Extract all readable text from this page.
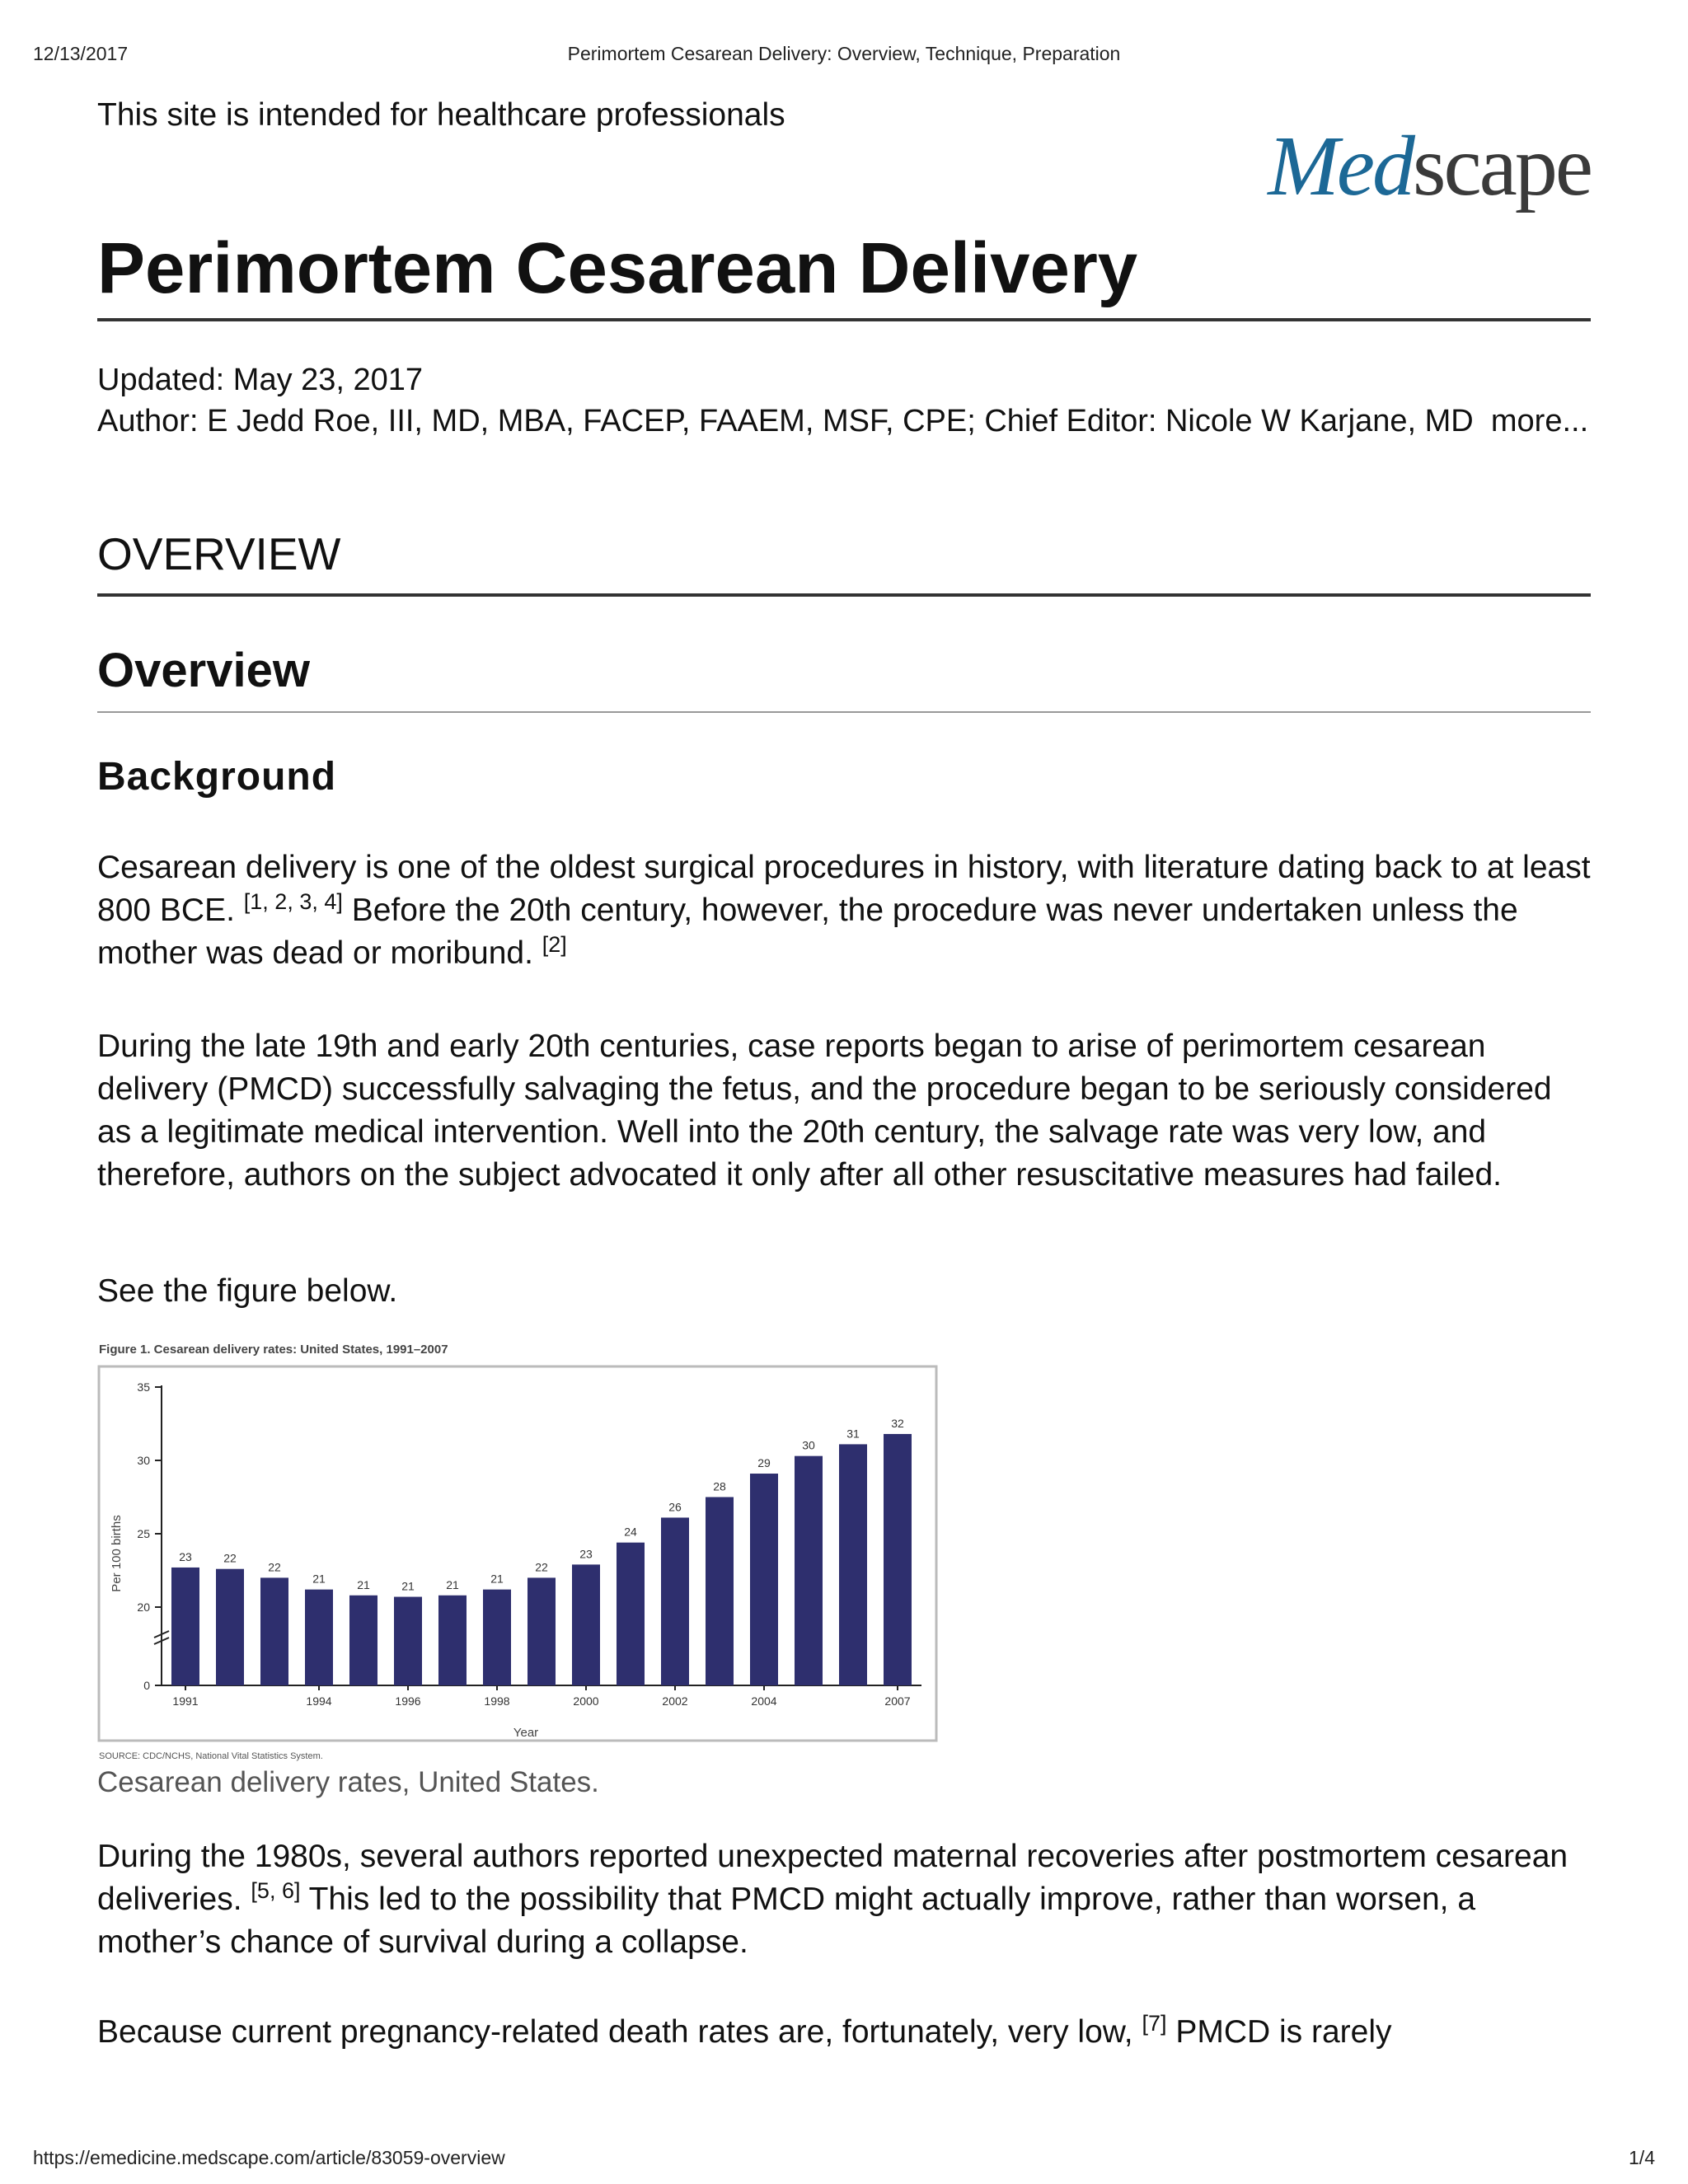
12/13/2017	Perimortem Cesarean Delivery: Overview, Technique, Preparation
This site is intended for healthcare professionals
Medscape
Perimortem Cesarean Delivery
Updated: May 23, 2017
Author: E Jedd Roe, III, MD, MBA, FACEP, FAAEM, MSF, CPE; Chief Editor: Nicole W Karjane, MD more...
OVERVIEW
Overview
Background

Cesarean delivery is one of the oldest surgical procedures in history, with literature dating back to at least 800 BCE. [1, 2, 3, 4] Before the 20th century, however, the procedure was never undertaken unless the mother was dead or moribund. [2]

During the late 19th and early 20th centuries, case reports began to arise of perimortem cesarean delivery (PMCD) successfully salvaging the fetus, and the procedure began to be seriously considered as a legitimate medical intervention. Well into the 20th century, the salvage rate was very low, and therefore, authors on the subject advocated it only after all other resuscitative measures had failed.

See the figure below.

Figure 1. Cesarean delivery rates: United States, 1991–2007
0
20
25
30
35
1991	1994	1996	1998	2000	2002	2004	2007
23	22
22
21	21	21	21	21
22
23
24
26
28
29
30
31
32
Year
Per 100 births
SOURCE: CDC/NCHS, National Vital Statistics System.
Cesarean delivery rates, United States.

During the 1980s, several authors reported unexpected maternal recoveries after postmortem cesarean deliveries. [5, 6] This led to the possibility that PMCD might actually improve, rather than worsen, a mother’s chance of survival during a collapse.

Because current pregnancy-related death rates are, fortunately, very low, [7] PMCD is rarely

https://emedicine.medscape.com/article/83059-overview	1/4
